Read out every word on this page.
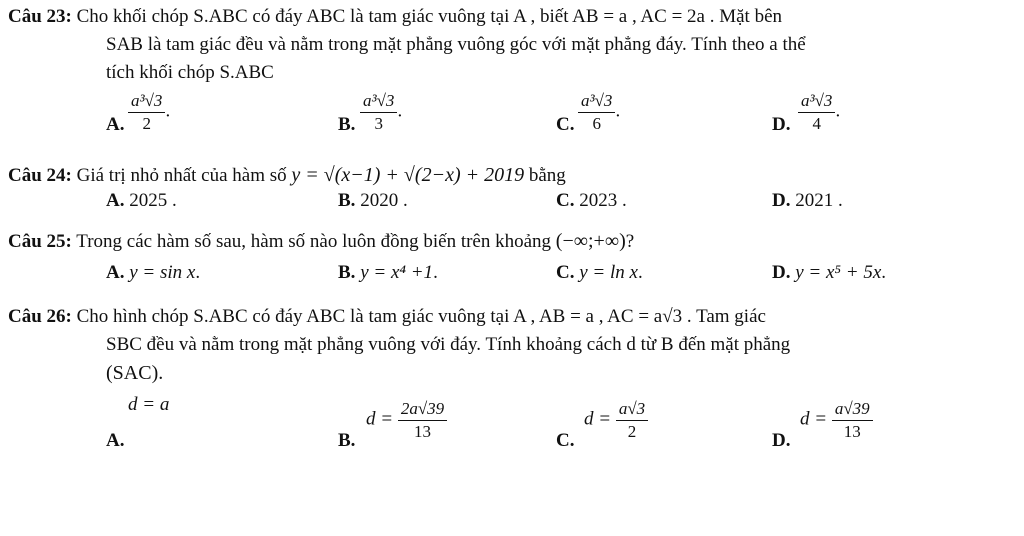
Câu 23: Cho khối chóp S.ABC có đáy ABC là tam giác vuông tại A , biết AB = a , AC = 2a . Mặt bên
SAB là tam giác đều và nằm trong mặt phẳng vuông góc với mặt phẳng đáy. Tính theo a thể
tích khối chóp S.ABC
A. $\frac{\text{a³√3}}{2}$ .
B. $\frac{\text{a³√3}}{3}$ .
C. $\frac{\text{a³√3}}{6}$ .
D. $\frac{\text{a³√3}}{4}$ .
Câu 24: Giá trị nhỏ nhất của hàm số y = √(x−1) + √(2−x) + 2019 bằng
A. 2025 .	B. 2020 .	C. 2023 .	D. 2021 .
Câu 25: Trong các hàm số sau, hàm số nào luôn đồng biến trên khoảng (−∞;+∞)?
A. y = sin x.	B. y = x⁴ +1.	C. y = ln x.	D. y = x⁵ + 5x.
Câu 26: Cho hình chóp S.ABC có đáy ABC là tam giác vuông tại A , AB = a , AC = a√3 . Tam giác
SBC đều và nằm trong mặt phẳng vuông với đáy. Tính khoảng cách d từ B đến mặt phẳng
(SAC).
d = a
A.	B.
$d = \frac{2a√39}{13}$	C.
$d = \frac{a√3}{2}$	D.
$d = \frac{a√39}{13}$
